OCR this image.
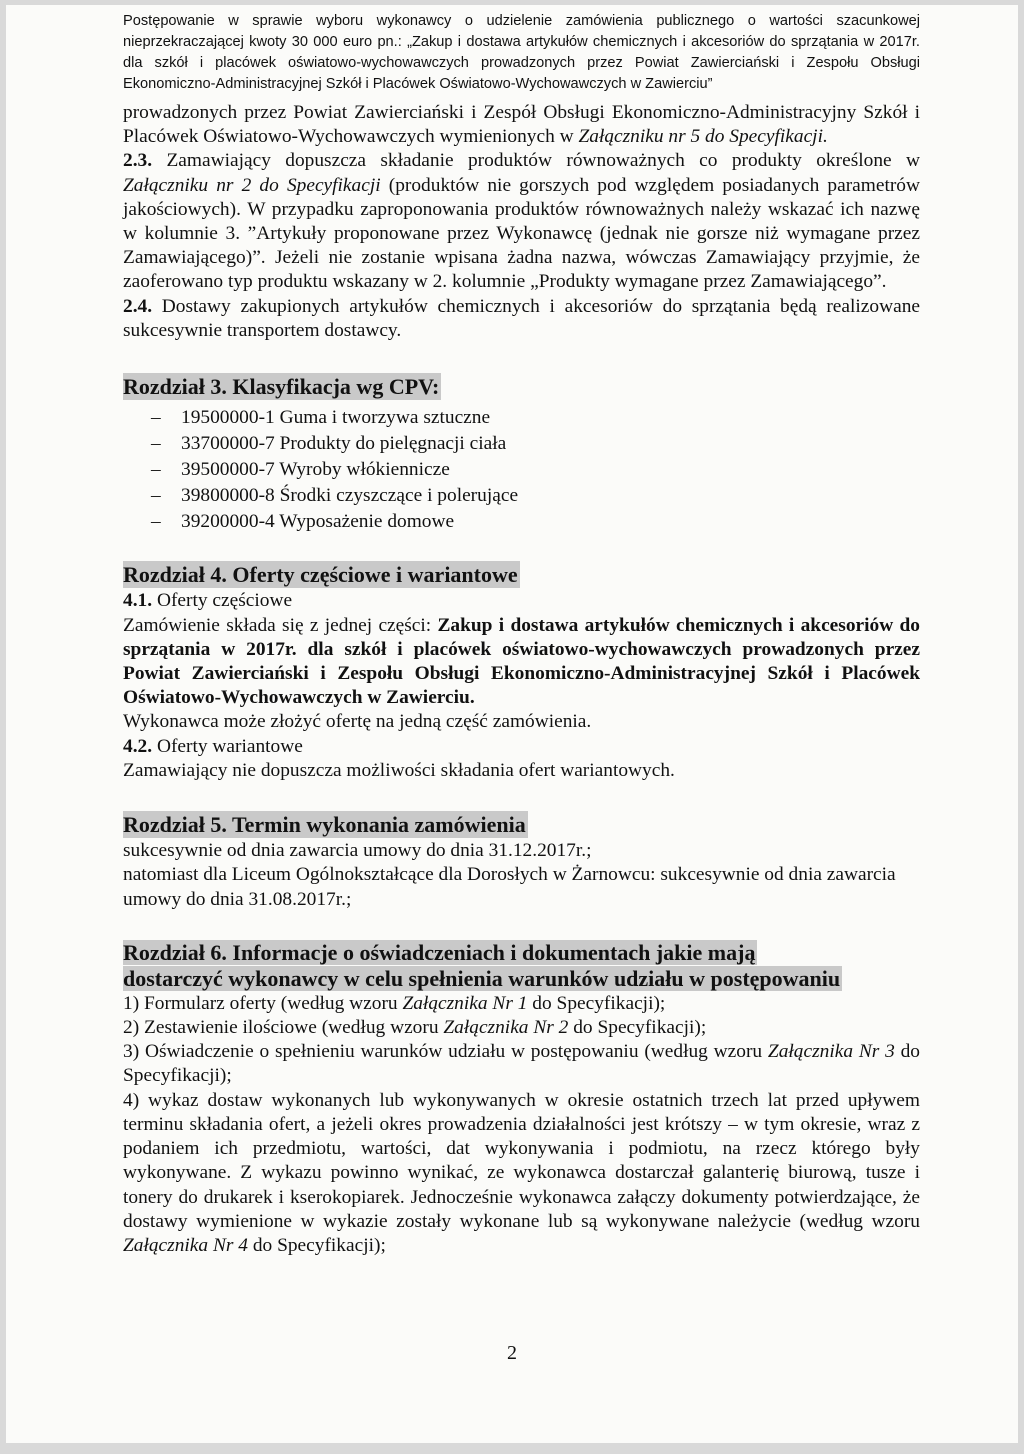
Postępowanie w sprawie wyboru wykonawcy o udzielenie zamówienia publicznego o wartości szacunkowej nieprzekraczającej kwoty 30 000 euro pn.: „Zakup i dostawa artykułów chemicznych i akcesoriów do sprzątania w 2017r. dla szkół i placówek oświatowo-wychowawczych prowadzonych przez Powiat Zawierciański i Zespołu Obsługi Ekonomiczno-Administracyjnej Szkół i Placówek Oświatowo-Wychowawczych w Zawierciu”

prowadzonych przez Powiat Zawierciański i Zespół Obsługi Ekonomiczno-Administracyjny Szkół i Placówek Oświatowo-Wychowawczych wymienionych w Załączniku nr 5 do Specyfikacji.

2.3. Zamawiający dopuszcza składanie produktów równoważnych co produkty określone w Załączniku nr 2 do Specyfikacji (produktów nie gorszych pod względem posiadanych parametrów jakościowych). W przypadku zaproponowania produktów równoważnych należy wskazać ich nazwę w kolumnie 3. ”Artykuły proponowane przez Wykonawcę (jednak nie gorsze niż wymagane przez Zamawiającego)”. Jeżeli nie zostanie wpisana żadna nazwa, wówczas Zamawiający przyjmie, że zaoferowano typ produktu wskazany w 2. kolumnie „Produkty wymagane przez Zamawiającego”.

2.4. Dostawy zakupionych artykułów chemicznych i akcesoriów do sprzątania będą realizowane sukcesywnie transportem dostawcy.

Rozdział 3. Klasyfikacja wg CPV:
– 19500000-1 Guma i tworzywa sztuczne
– 33700000-7 Produkty do pielęgnacji ciała
– 39500000-7 Wyroby włókiennicze
– 39800000-8 Środki czyszczące i polerujące
– 39200000-4 Wyposażenie domowe
Rozdział 4. Oferty częściowe i wariantowe

4.1. Oferty częściowe

Zamówienie składa się z jednej części: Zakup i dostawa artykułów chemicznych i akcesoriów do sprzątania w 2017r. dla szkół i placówek oświatowo-wychowawczych prowadzonych przez Powiat Zawierciański i Zespołu Obsługi Ekonomiczno-Administracyjnej Szkół i Placówek Oświatowo-Wychowawczych w Zawierciu.

Wykonawca może złożyć ofertę na jedną część zamówienia.

4.2. Oferty wariantowe

Zamawiający nie dopuszcza możliwości składania ofert wariantowych.

Rozdział 5. Termin wykonania zamówienia

sukcesywnie od dnia zawarcia umowy do dnia 31.12.2017r.;

natomiast dla Liceum Ogólnokształcące dla Dorosłych w Żarnowcu: sukcesywnie od dnia zawarcia umowy do dnia 31.08.2017r.;

Rozdział 6. Informacje o oświadczeniach i dokumentach jakie mają
dostarczyć wykonawcy w celu spełnienia warunków udziału w postępowaniu

1) Formularz oferty (według wzoru Załącznika Nr 1 do Specyfikacji);

2) Zestawienie ilościowe (według wzoru Załącznika Nr 2 do Specyfikacji);

3) Oświadczenie o spełnieniu warunków udziału w postępowaniu (według wzoru Załącznika Nr 3 do Specyfikacji);

4) wykaz dostaw wykonanych lub wykonywanych w okresie ostatnich trzech lat przed upływem terminu składania ofert, a jeżeli okres prowadzenia działalności jest krótszy – w tym okresie, wraz z podaniem ich przedmiotu, wartości, dat wykonywania i podmiotu, na rzecz którego były wykonywane. Z wykazu powinno wynikać, ze wykonawca dostarczał galanterię biurową, tusze i tonery do drukarek i kserokopiarek. Jednocześnie wykonawca załączy dokumenty potwierdzające, że dostawy wymienione w wykazie zostały wykonane lub są wykonywane należycie (według wzoru Załącznika Nr 4 do Specyfikacji);

2
